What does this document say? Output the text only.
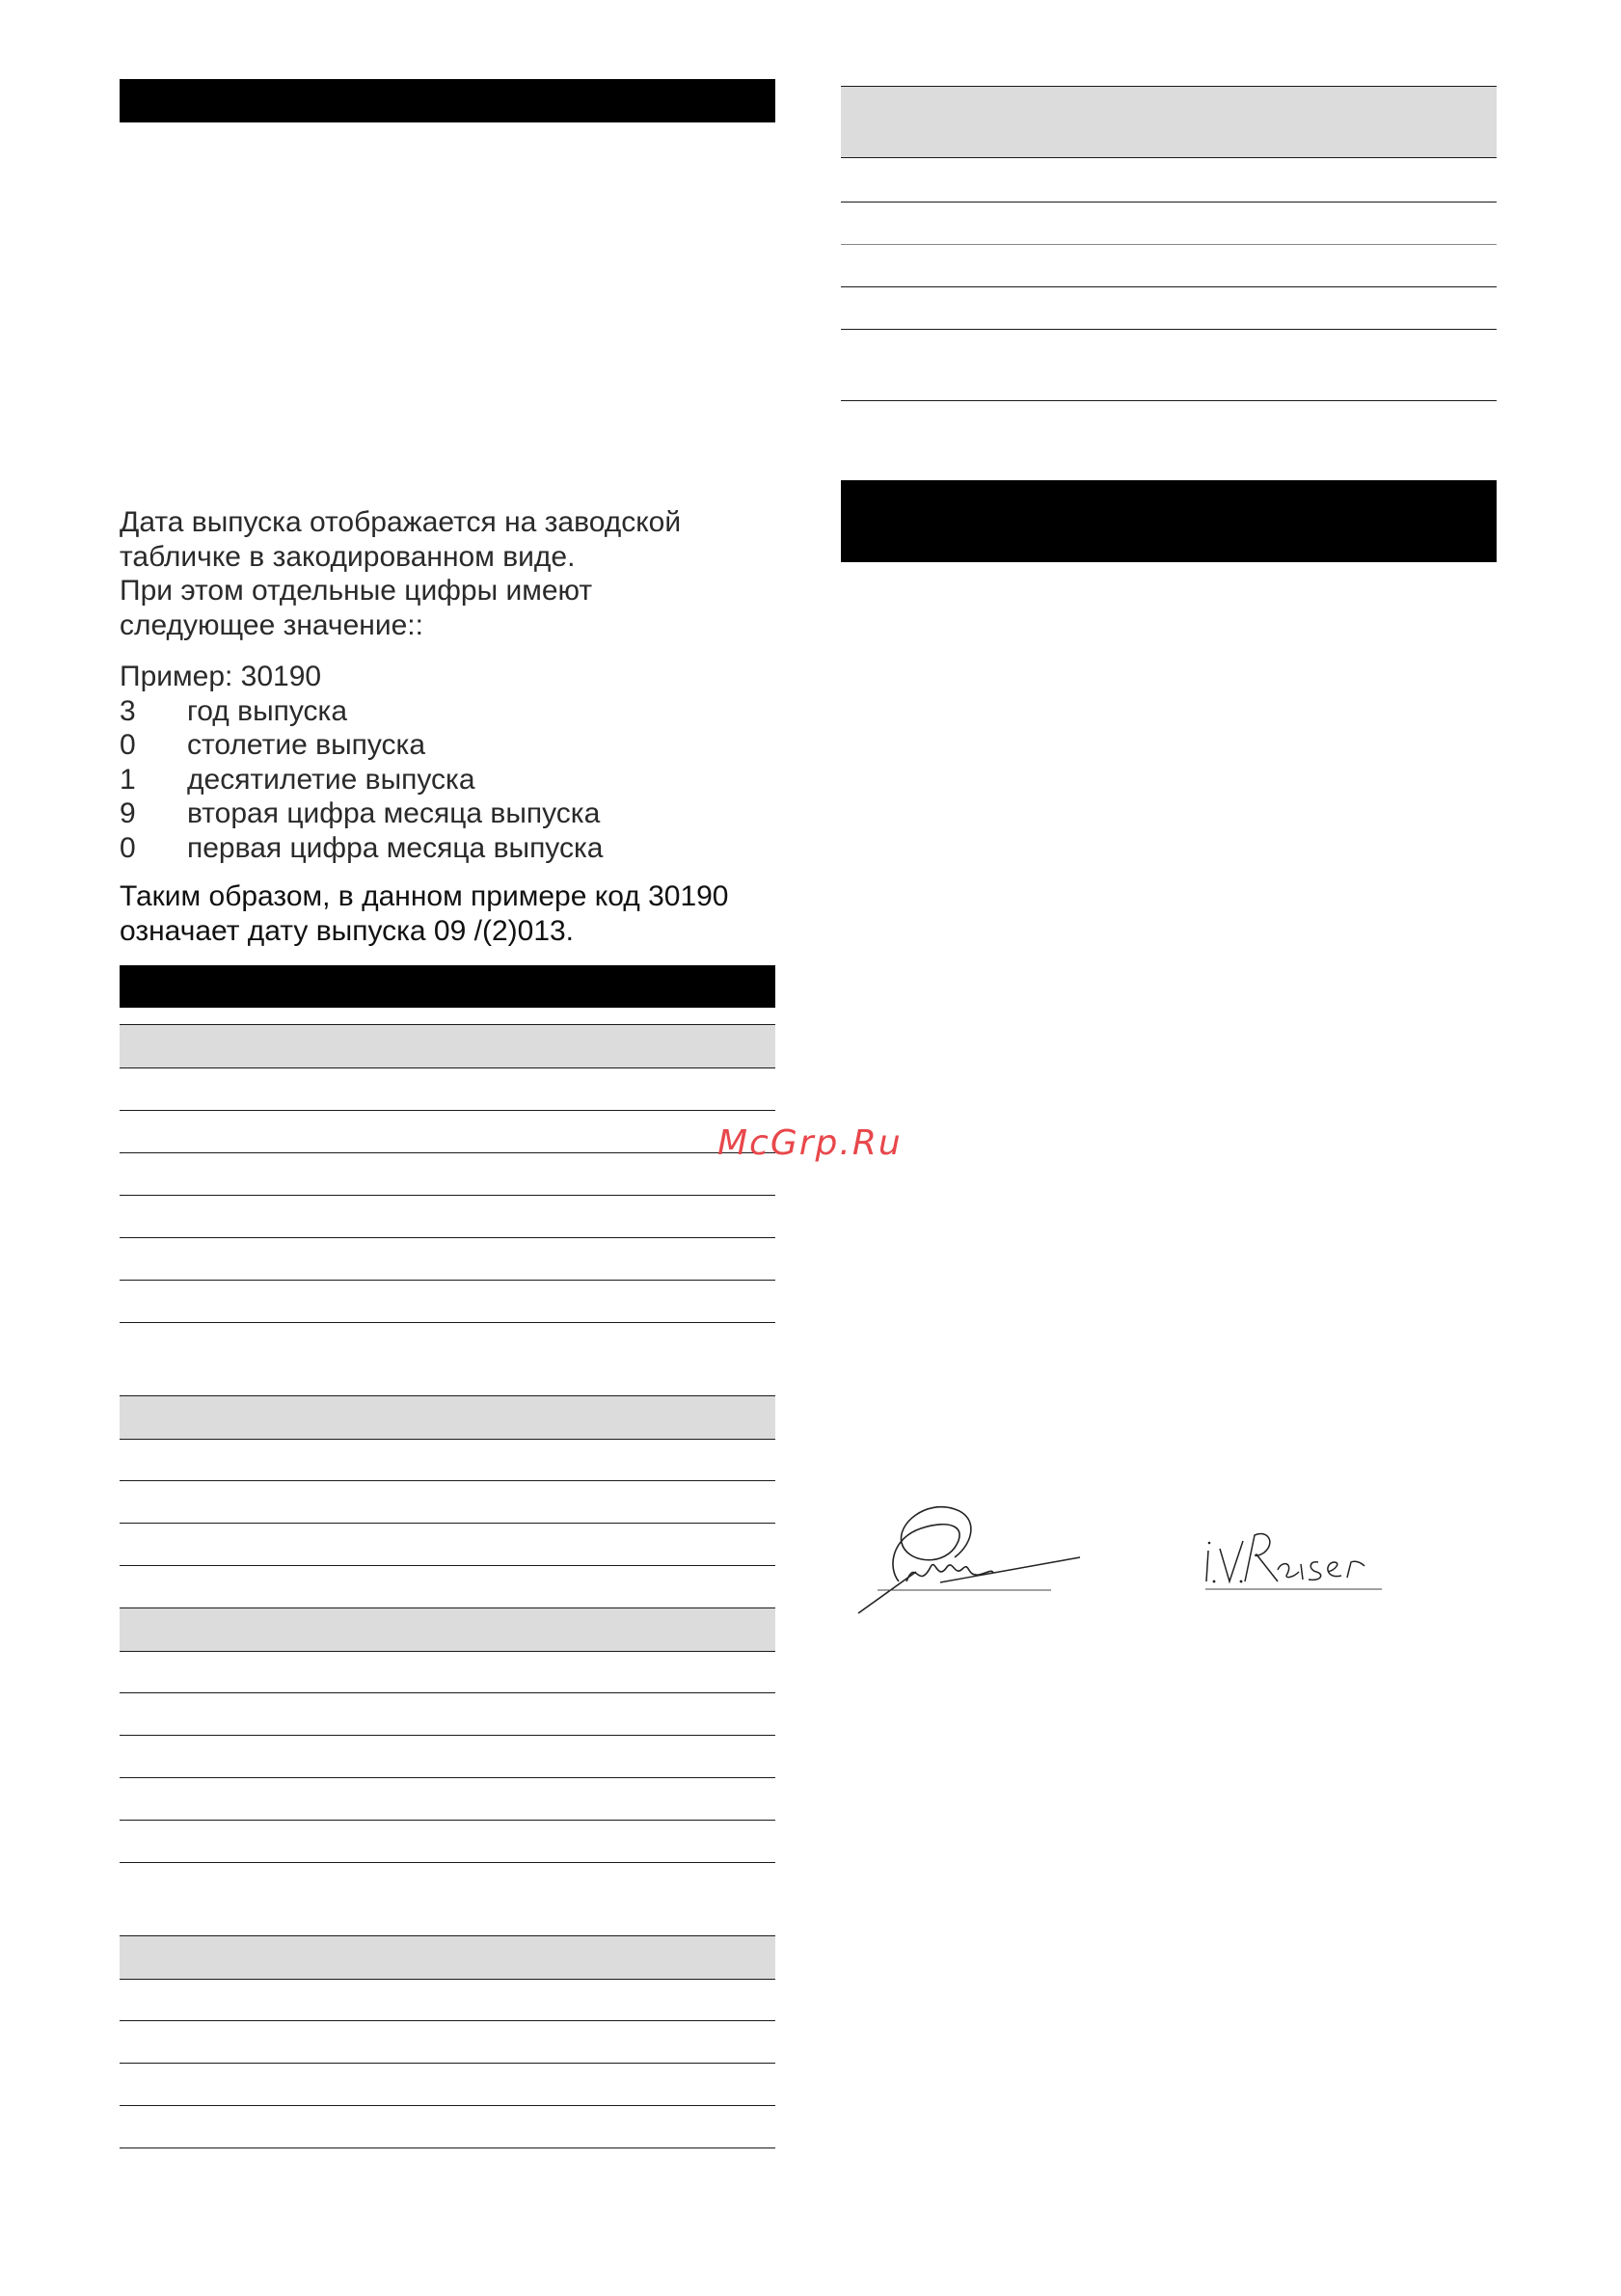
Дата выпуска отображается на заводской

табличке в закодированном виде.

При этом отдельные цифры имеют

следующее значение::

Пример: 30190

3	год выпуска
0	столетие выпуска
1	десятилетие выпуска
9	вторая цифра месяца выпуска
0	первая цифра месяца выпуска

Таким образом, в данном примере код 30190

означает дату выпуска 09 /(2)013.

McGrp.Ru
